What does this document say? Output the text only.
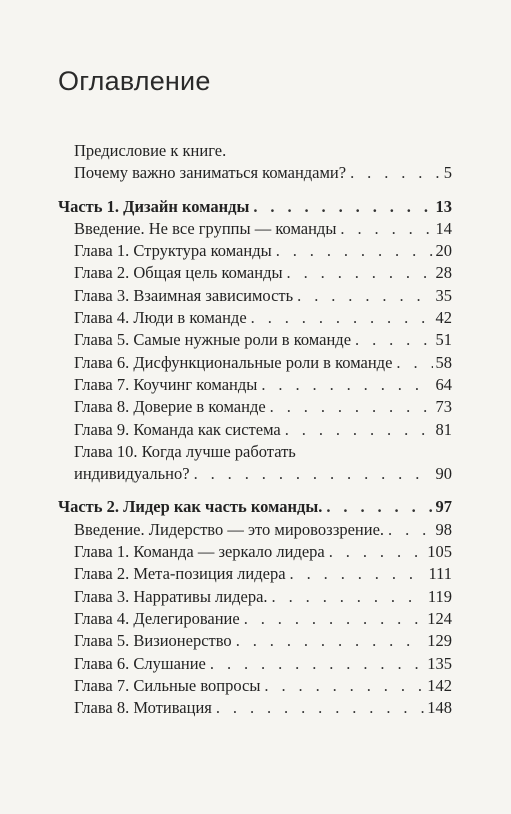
Оглавление
Предисловие к книге.
Почему важно заниматься командами? . . .	5
Часть 1. Дизайн команды . . .	13
Введение. Не все группы — команды . . .	14
Глава 1. Структура команды . . .	20
Глава 2. Общая цель команды . . .	28
Глава 3. Взаимная зависимость . . .	35
Глава 4. Люди в команде . . .	42
Глава 5. Самые нужные роли в команде . . .	51
Глава 6. Дисфункциональные роли в команде . . .	58
Глава 7. Коучинг команды . . .	64
Глава 8. Доверие в команде . . .	73
Глава 9. Команда как система . . .	81
Глава 10. Когда лучше работать
индивидуально? . . .	90
Часть 2. Лидер как часть команды. . . .	97
Введение. Лидерство — это мировоззрение. . . .	98
Глава 1. Команда — зеркало лидера . . .	105
Глава 2. Мета-позиция лидера . . .	111
Глава 3. Нарративы лидера. . . .	119
Глава 4. Делегирование . . .	124
Глава 5. Визионерство . . .	129
Глава 6. Слушание . . .	135
Глава 7. Сильные вопросы . . .	142
Глава 8. Мотивация . . .	148
